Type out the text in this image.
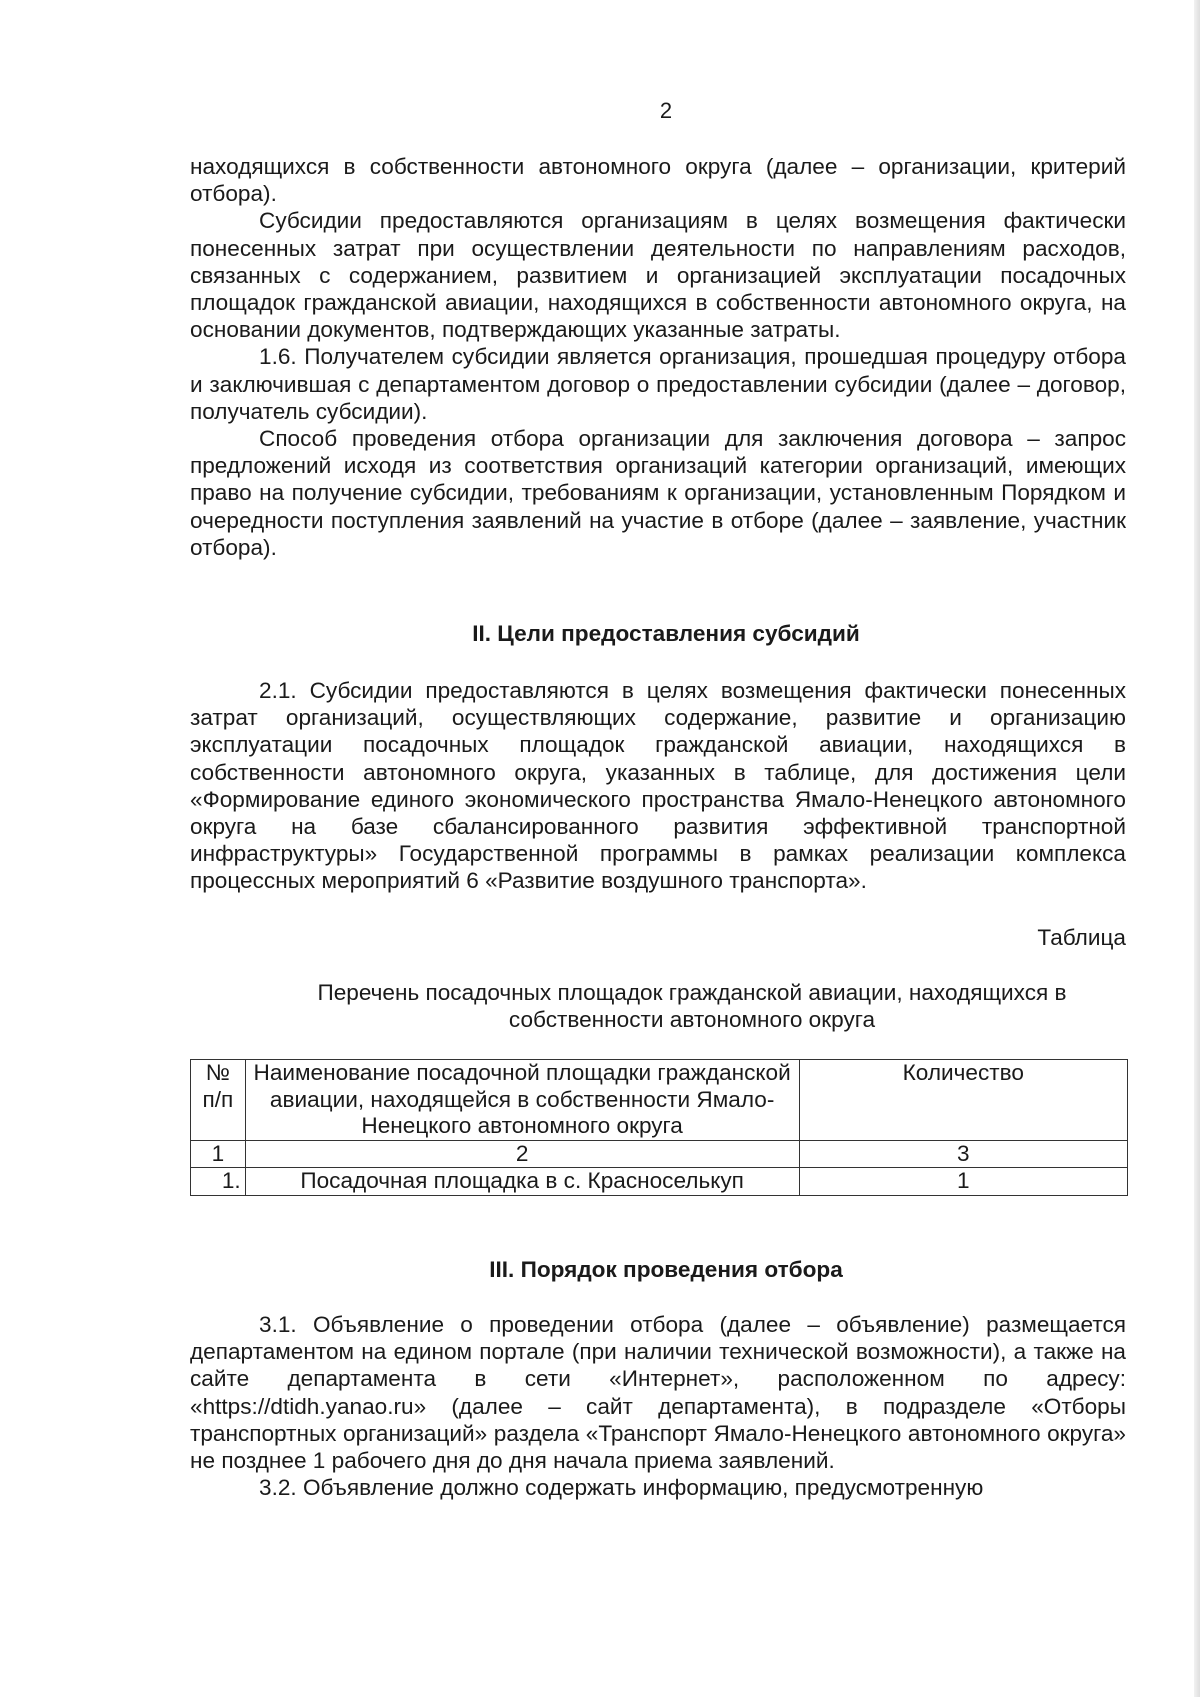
2

находящихся в собственности автономного округа (далее – организации, критерий отбора).

Субсидии предоставляются организациям в целях возмещения фактически понесенных затрат при осуществлении деятельности по направлениям расходов, связанных с содержанием, развитием и организацией эксплуатации посадочных площадок гражданской авиации, находящихся в собственности автономного округа, на основании документов, подтверждающих указанные затраты.

1.6. Получателем субсидии является организация, прошедшая процедуру отбора и заключившая с департаментом договор о предоставлении субсидии (далее – договор, получатель субсидии).

Способ проведения отбора организации для заключения договора – запрос предложений исходя из соответствия организаций категории организаций, имеющих право на получение субсидии, требованиям к организации, установленным Порядком и очередности поступления заявлений на участие в отборе (далее – заявление, участник отбора).

II. Цели предоставления субсидий

2.1. Субсидии предоставляются в целях возмещения фактически понесенных затрат организаций, осуществляющих содержание, развитие и организацию эксплуатации посадочных площадок гражданской авиации, находящихся в собственности автономного округа, указанных в таблице, для достижения цели «Формирование единого экономического пространства Ямало-Ненецкого автономного округа на базе сбалансированного развития эффективной транспортной инфраструктуры» Государственной программы в рамках реализации комплекса процессных мероприятий 6 «Развитие воздушного транспорта».

Таблица

Перечень посадочных площадок гражданской авиации, находящихся в собственности автономного округа

№ п/п	Наименование посадочной площадки гражданской авиации, находящейся в собственности Ямало-Ненецкого автономного округа	Количество
1	2	3
1.	Посадочная площадка в с. Красноселькуп	1
III. Порядок проведения отбора

3.1. Объявление о проведении отбора (далее – объявление) размещается департаментом на едином портале (при наличии технической возможности), а также на сайте департамента в сети «Интернет», расположенном по адресу: «https://dtidh.yanao.ru» (далее – сайт департамента), в подразделе «Отборы транспортных организаций» раздела «Транспорт Ямало-Ненецкого автономного округа» не позднее 1 рабочего дня до дня начала приема заявлений.

3.2. Объявление должно содержать информацию, предусмотренную
